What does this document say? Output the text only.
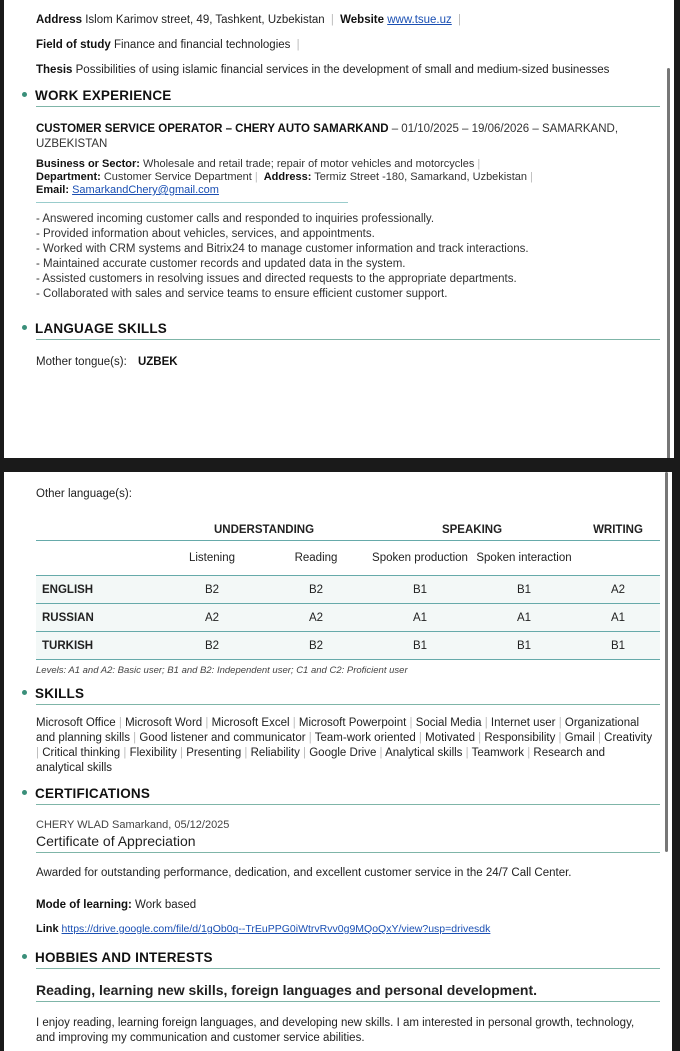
Address Islom Karimov street, 49, Tashkent, Uzbekistan | Website www.tsue.uz |
Field of study Finance and financial technologies |
Thesis Possibilities of using islamic financial services in the development of small and medium-sized businesses
WORK EXPERIENCE
CUSTOMER SERVICE OPERATOR – CHERY AUTO SAMARKAND – 01/10/2025 – 19/06/2026 – SAMARKAND,
UZBEKISTAN
Business or Sector: Wholesale and retail trade; repair of motor vehicles and motorcycles |
Department: Customer Service Department | Address: Termiz Street -180, Samarkand, Uzbekistan |
Email: SamarkandChery@gmail.com
- Answered incoming customer calls and responded to inquiries professionally.
- Provided information about vehicles, services, and appointments.
- Worked with CRM systems and Bitrix24 to manage customer information and track interactions.
- Maintained accurate customer records and updated data in the system.
- Assisted customers in resolving issues and directed requests to the appropriate departments.
- Collaborated with sales and service teams to ensure efficient customer support.
LANGUAGE SKILLS
Mother tongue(s): UZBEK
Other language(s):
	UNDERSTANDING		SPEAKING		WRITING
	Listening	Reading	Spoken production	Spoken interaction	
ENGLISH	B2	B2	B1	B1	A2
RUSSIAN	A2	A2	A1	A1	A1
TURKISH	B2	B2	B1	B1	B1
Levels: A1 and A2: Basic user; B1 and B2: Independent user; C1 and C2: Proficient user
SKILLS
Microsoft Office | Microsoft Word | Microsoft Excel | Microsoft Powerpoint | Social Media | Internet user | Organizational and planning skills | Good listener and communicator | Team-work oriented | Motivated | Responsibility | Gmail | Creativity | Critical thinking | Flexibility | Presenting | Reliability | Google Drive | Analytical skills | Teamwork | Research and analytical skills
CERTIFICATIONS
CHERY WLAD Samarkand, 05/12/2025
Certificate of Appreciation
Awarded for outstanding performance, dedication, and excellent customer service in the 24/7 Call Center.
Mode of learning: Work based
Link https://drive.google.com/file/d/1gOb0q--TrEuPPG0iWtrvRvv0g9MQoQxY/view?usp=drivesdk
HOBBIES AND INTERESTS
Reading, learning new skills, foreign languages and personal development.
I enjoy reading, learning foreign languages, and developing new skills. I am interested in personal growth, technology, and improving my communication and customer service abilities.
